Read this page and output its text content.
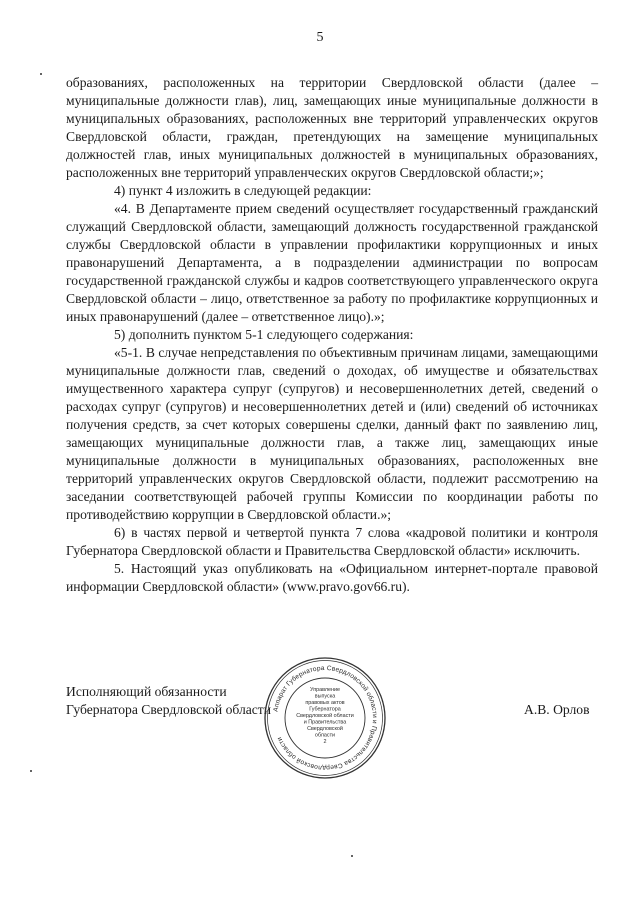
5

образованиях, расположенных на территории Свердловской области (далее – муниципальные должности глав), лиц, замещающих иные муниципальные должности в муниципальных образованиях, расположенных вне территорий управленческих округов Свердловской области, граждан, претендующих на замещение муниципальных должностей глав, иных муниципальных должностей в муниципальных образованиях, расположенных вне территорий управленческих округов Свердловской области;»;

4) пункт 4 изложить в следующей редакции:

«4. В Департаменте прием сведений осуществляет государственный гражданский служащий Свердловской области, замещающий должность государственной гражданской службы Свердловской области в управлении профилактики коррупционных и иных правонарушений Департамента, а в подразделении администрации по вопросам государственной гражданской службы и кадров соответствующего управленческого округа Свердловской области – лицо, ответственное за работу по профилактике коррупционных и иных правонарушений (далее – ответственное лицо).»;

5) дополнить пунктом 5-1 следующего содержания:

«5-1. В случае непредставления по объективным причинам лицами, замещающими муниципальные должности глав, сведений о доходах, об имуществе и обязательствах имущественного характера супруг (супругов) и несовершеннолетних детей, сведений о расходах супруг (супругов) и несовершеннолетних детей и (или) сведений об источниках получения средств, за счет которых совершены сделки, данный факт по заявлению лиц, замещающих муниципальные должности глав, а также лиц, замещающих иные муниципальные должности в муниципальных образованиях, расположенных вне территорий управленческих округов Свердловской области, подлежит рассмотрению на заседании соответствующей рабочей группы Комиссии по координации работы по противодействию коррупции в Свердловской области.»;

6) в частях первой и четвертой пункта 7 слова «кадровой политики и контроля Губернатора Свердловской области и Правительства Свердловской области» исключить.

5. Настоящий указ опубликовать на «Официальном интернет-портале правовой информации Свердловской области» (www.pravo.gov66.ru).

Исполняющий обязанности
Губернатора Свердловской области	А.В. Орлов
Аппарат Губернатора Свердловской области и Правительства Свердловской области
Управление
выпуска
правовых актов
Губернатора
Свердловской области
и Правительства
Свердловской
области
2
